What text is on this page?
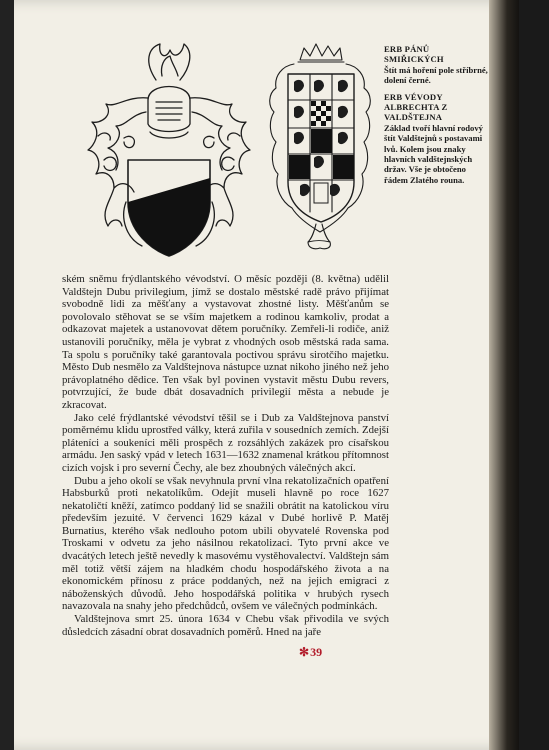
ERB PÁNŮ SMIŘICKÝCH
Štít má hoření pole stříbrné, dolení černé.

ERB VÉVODY ALBRECHTA Z VALDŠTEJNA
Základ tvoří hlavní rodový štít Valdštejnů s postavami lvů. Kolem jsou znaky hlavních valdštejnských držav. Vše je obtočeno řádem Zlatého rouna.

ském sněmu frýdlantského vévodství. O měsíc později (8. května) udělil Valdštejn Dubu privilegium, jímž se dostalo městské radě právo přijímat svobodně lidi za měšťany a vystavovat zhostné listy. Měšťanům se povolovalo stěhovat se se vším majetkem a rodinou kamkoliv, prodat a odkazovat majetek a ustanovovat dětem poručníky. Zemřeli-li rodiče, aniž ustanovili poručníky, měla je vybrat z vhodných osob městská rada sama. Ta spolu s poručníky také garantovala poctivou správu sirotčího majetku. Město Dub nesmělo za Valdštejnova nástupce uznat nikoho jiného než jeho právoplatného dědice. Ten však byl povinen vystavit městu Dubu revers, potvrzující, že bude dbát dosavadních privilegií města a nebude je zkracovat.

Jako celé frýdlantské vévodství těšil se i Dub za Valdštejnova panství poměrnému klidu uprostřed války, která zuřila v sousedních zemích. Zdejší pláteníci a soukeníci měli prospěch z rozsáhlých zakázek pro císařskou armádu. Jen saský vpád v letech 1631—1632 znamenal krátkou přítomnost cizích vojsk i pro severní Čechy, ale bez zhoubných válečných akcí.

Dubu a jeho okolí se však nevyhnula první vlna rekatolizačních opatření Habsburků proti nekatolíkům. Odejít museli hlavně po roce 1627 nekatoličtí kněží, zatímco poddaný lid se snažili obrátit na katolickou víru především jezuité. V červenci 1629 kázal v Dubé horlivě P. Matěj Burnatius, kterého však nedlouho potom ubili obyvatelé Rovenska pod Troskami v odvetu za jeho násilnou rekatolizaci. Tyto první akce ve dvacátých letech ještě nevedly k masovému vystěhovalectví. Valdštejn sám měl totiž větší zájem na hladkém chodu hospodářského života a na ekonomickém přínosu z práce poddaných, než na jejich emigraci z náboženských důvodů. Jeho hospodářská politika v hrubých rysech navazovala na snahy jeho předchůdců, ovšem ve válečných podmínkách.

Valdštejnova smrt 25. února 1634 v Chebu však přivodila ve svých důsledcích zásadní obrat dosavadních poměrů. Hned na jaře

✻39
